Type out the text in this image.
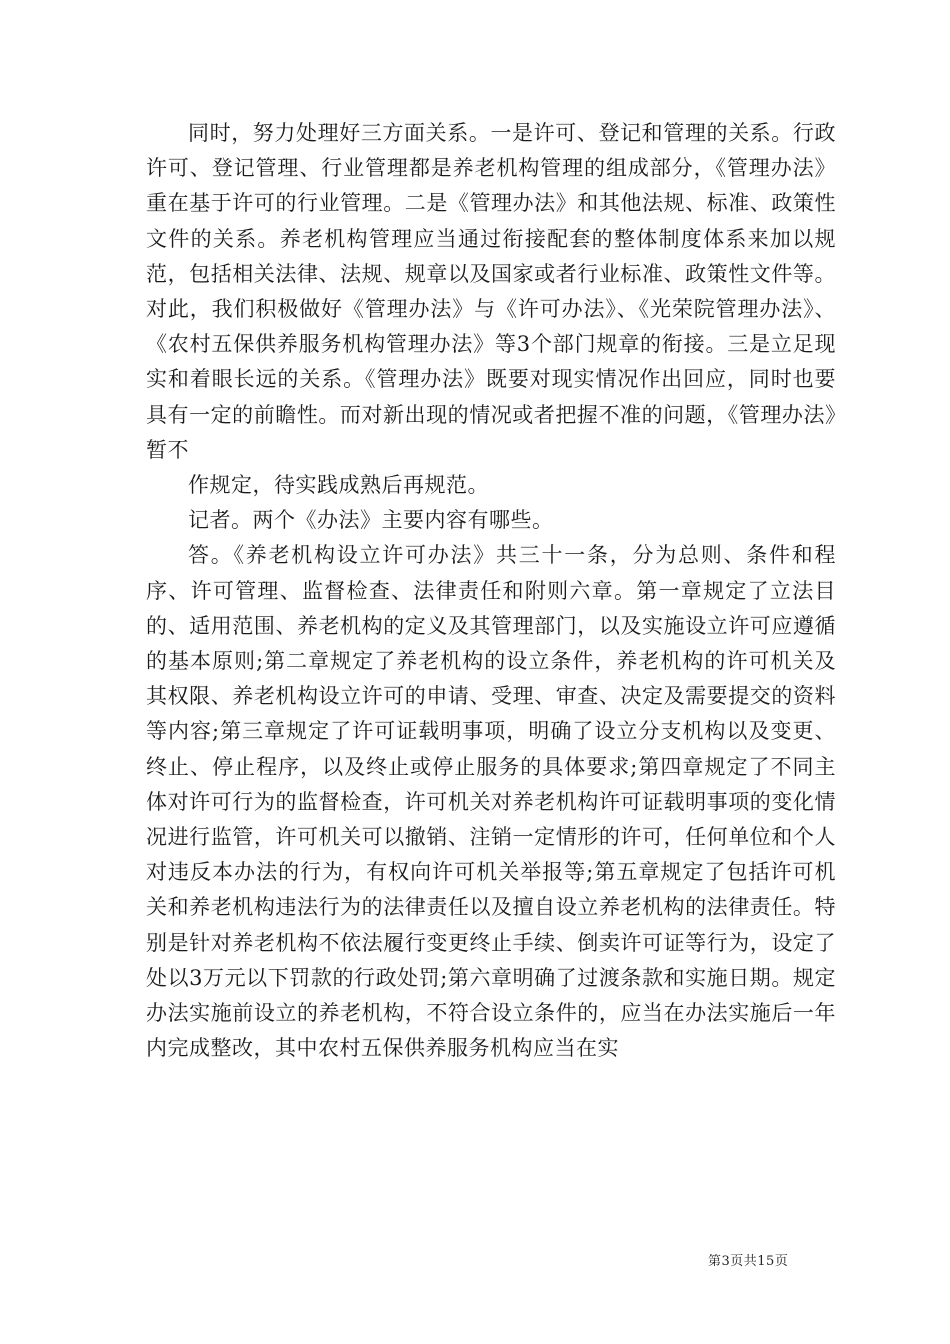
同时，努力处理好三方面关系。一是许可、登记和管理的关系。行政许可、登记管理、行业管理都是养老机构管理的组成部分，《管理办法》重在基于许可的行业管理。二是《管理办法》和其他法规、标准、政策性文件的关系。养老机构管理应当通过衔接配套的整体制度体系来加以规范，包括相关法律、法规、规章以及国家或者行业标准、政策性文件等。对此，我们积极做好《管理办法》与《许可办法》、《光荣院管理办法》、《农村五保供养服务机构管理办法》等3个部门规章的衔接。三是立足现实和着眼长远的关系。《管理办法》既要对现实情况作出回应，同时也要具有一定的前瞻性。而对新出现的情况或者把握不准的问题，《管理办法》暂不

作规定，待实践成熟后再规范。

记者。两个《办法》主要内容有哪些。

答。《养老机构设立许可办法》共三十一条，分为总则、条件和程序、许可管理、监督检查、法律责任和附则六章。第一章规定了立法目的、适用范围、养老机构的定义及其管理部门，以及实施设立许可应遵循的基本原则;第二章规定了养老机构的设立条件，养老机构的许可机关及其权限、养老机构设立许可的申请、受理、审查、决定及需要提交的资料等内容;第三章规定了许可证载明事项，明确了设立分支机构以及变更、终止、停止程序，以及终止或停止服务的具体要求;第四章规定了不同主体对许可行为的监督检查，许可机关对养老机构许可证载明事项的变化情况进行监管，许可机关可以撤销、注销一定情形的许可，任何单位和个人对违反本办法的行为，有权向许可机关举报等;第五章规定了包括许可机关和养老机构违法行为的法律责任以及擅自设立养老机构的法律责任。特别是针对养老机构不依法履行变更终止手续、倒卖许可证等行为，设定了处以3万元以下罚款的行政处罚;第六章明确了过渡条款和实施日期。规定办法实施前设立的养老机构，不符合设立条件的，应当在办法实施后一年内完成整改，其中农村五保供养服务机构应当在实

第3页共15页
